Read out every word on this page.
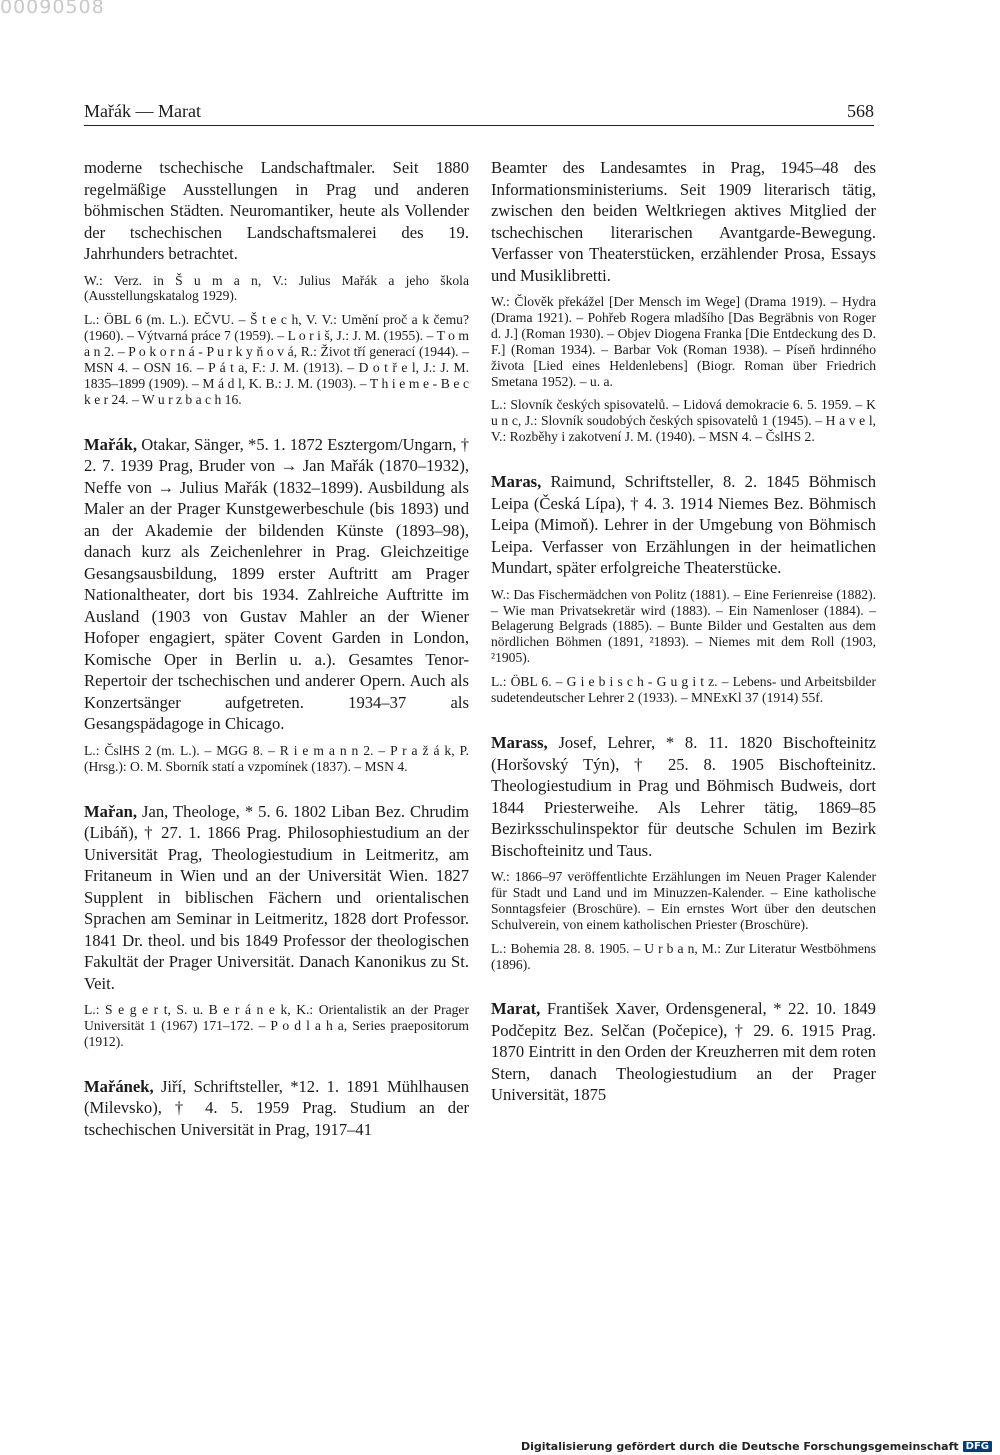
00090508
Mařák — Marat	568

moderne tschechische Landschaftmaler. Seit 1880 regelmäßige Ausstellungen in Prag und anderen böhmischen Städten. Neuromantiker, heute als Vollender der tschechischen Landschaftsmalerei des 19. Jahrhunders betrachtet.

W.: Verz. in Š u m a n, V.: Julius Mařák a jeho škola (Ausstellungskatalog 1929).

L.: ÖBL 6 (m. L.). EČVU. – Š t e c h, V. V.: Umění proč a k čemu? (1960). – Výtvarná práce 7 (1959). – L o r i š, J.: J. M. (1955). – T o m a n 2. – P o k o r n á - P u r k y ň o v á, R.: Život tří generací (1944). – MSN 4. – OSN 16. – P á t a, F.: J. M. (1913). – D o t ř e l, J.: J. M. 1835–1899 (1909). – M á d l, K. B.: J. M. (1903). – T h i e m e - B e c k e r 24. – W u r z b a c h 16.

Mařák, Otakar, Sänger, *5. 1. 1872 Esztergom/Ungarn, † 2. 7. 1939 Prag, Bruder von → Jan Mařák (1870–1932), Neffe von → Julius Mařák (1832–1899). Ausbildung als Maler an der Prager Kunstgewerbeschule (bis 1893) und an der Akademie der bildenden Künste (1893–98), danach kurz als Zeichenlehrer in Prag. Gleichzeitige Gesangsausbildung, 1899 erster Auftritt am Prager Nationaltheater, dort bis 1934. Zahlreiche Auftritte im Ausland (1903 von Gustav Mahler an der Wiener Hofoper engagiert, später Covent Garden in London, Komische Oper in Berlin u. a.). Gesamtes Tenor-Repertoir der tschechischen und anderer Opern. Auch als Konzertsänger aufgetreten. 1934–37 als Gesangspädagoge in Chicago.

L.: ČslHS 2 (m. L.). – MGG 8. – R i e m a n n 2. – P r a ž á k, P. (Hrsg.): O. M. Sborník statí a vzpomínek (1837). – MSN 4.

Mařan, Jan, Theologe, * 5. 6. 1802 Liban Bez. Chrudim (Libáň), † 27. 1. 1866 Prag. Philosophiestudium an der Universität Prag, Theologiestudium in Leitmeritz, am Fritaneum in Wien und an der Universität Wien. 1827 Supplent in biblischen Fächern und orientalischen Sprachen am Seminar in Leitmeritz, 1828 dort Professor. 1841 Dr. theol. und bis 1849 Professor der theologischen Fakultät der Prager Universität. Danach Kanonikus zu St. Veit.

L.: S e g e r t, S. u. B e r á n e k, K.: Orientalistik an der Prager Universität 1 (1967) 171–172. – P o d l a h a, Series praepositorum (1912).

Mařánek, Jiří, Schriftsteller, *12. 1. 1891 Mühlhausen (Milevsko), † 4. 5. 1959 Prag. Studium an der tschechischen Universität in Prag, 1917–41

Beamter des Landesamtes in Prag, 1945–48 des Informationsministeriums. Seit 1909 literarisch tätig, zwischen den beiden Weltkriegen aktives Mitglied der tschechischen literarischen Avantgarde-Bewegung. Verfasser von Theaterstücken, erzählender Prosa, Essays und Musiklibretti.

W.: Člověk překážel [Der Mensch im Wege] (Drama 1919). – Hydra (Drama 1921). – Pohřeb Rogera mladšího [Das Begräbnis von Roger d. J.] (Roman 1930). – Objev Diogena Franka [Die Entdeckung des D. F.] (Roman 1934). – Barbar Vok (Roman 1938). – Píseň hrdinného života [Lied eines Heldenlebens] (Biogr. Roman über Friedrich Smetana 1952). – u. a.

L.: Slovník českých spisovatelů. – Lidová demokracie 6. 5. 1959. – K u n c, J.: Slovník soudobých českých spisovatelů 1 (1945). – H a v e l, V.: Rozběhy i zakotvení J. M. (1940). – MSN 4. – ČslHS 2.

Maras, Raimund, Schriftsteller, 8. 2. 1845 Böhmisch Leipa (Česká Lípa), † 4. 3. 1914 Niemes Bez. Böhmisch Leipa (Mimoň). Lehrer in der Umgebung von Böhmisch Leipa. Verfasser von Erzählungen in der heimatlichen Mundart, später erfolgreiche Theaterstücke.

W.: Das Fischermädchen von Politz (1881). – Eine Ferienreise (1882). – Wie man Privatsekretär wird (1883). – Ein Namenloser (1884). – Belagerung Belgrads (1885). – Bunte Bilder und Gestalten aus dem nördlichen Böhmen (1891, ²1893). – Niemes mit dem Roll (1903, ²1905).

L.: ÖBL 6. – G i e b i s c h - G u g i t z. – Lebens- und Arbeitsbilder sudetendeutscher Lehrer 2 (1933). – MNExKl 37 (1914) 55f.

Marass, Josef, Lehrer, * 8. 11. 1820 Bischofteinitz (Horšovský Týn), † 25. 8. 1905 Bischofteinitz. Theologiestudium in Prag und Böhmisch Budweis, dort 1844 Priesterweihe. Als Lehrer tätig, 1869–85 Bezirksschulinspektor für deutsche Schulen im Bezirk Bischofteinitz und Taus.

W.: 1866–97 veröffentlichte Erzählungen im Neuen Prager Kalender für Stadt und Land und im Minuzzen-Kalender. – Eine katholische Sonntagsfeier (Broschüre). – Ein ernstes Wort über den deutschen Schulverein, von einem katholischen Priester (Broschüre).

L.: Bohemia 28. 8. 1905. – U r b a n, M.: Zur Literatur Westböhmens (1896).

Marat, František Xaver, Ordensgeneral, * 22. 10. 1849 Podčepitz Bez. Selčan (Počepice), † 29. 6. 1915 Prag. 1870 Eintritt in den Orden der Kreuzherren mit dem roten Stern, danach Theologiestudium an der Prager Universität, 1875

Digitalisierung gefördert durch die Deutsche Forschungsgemeinschaft DFG
